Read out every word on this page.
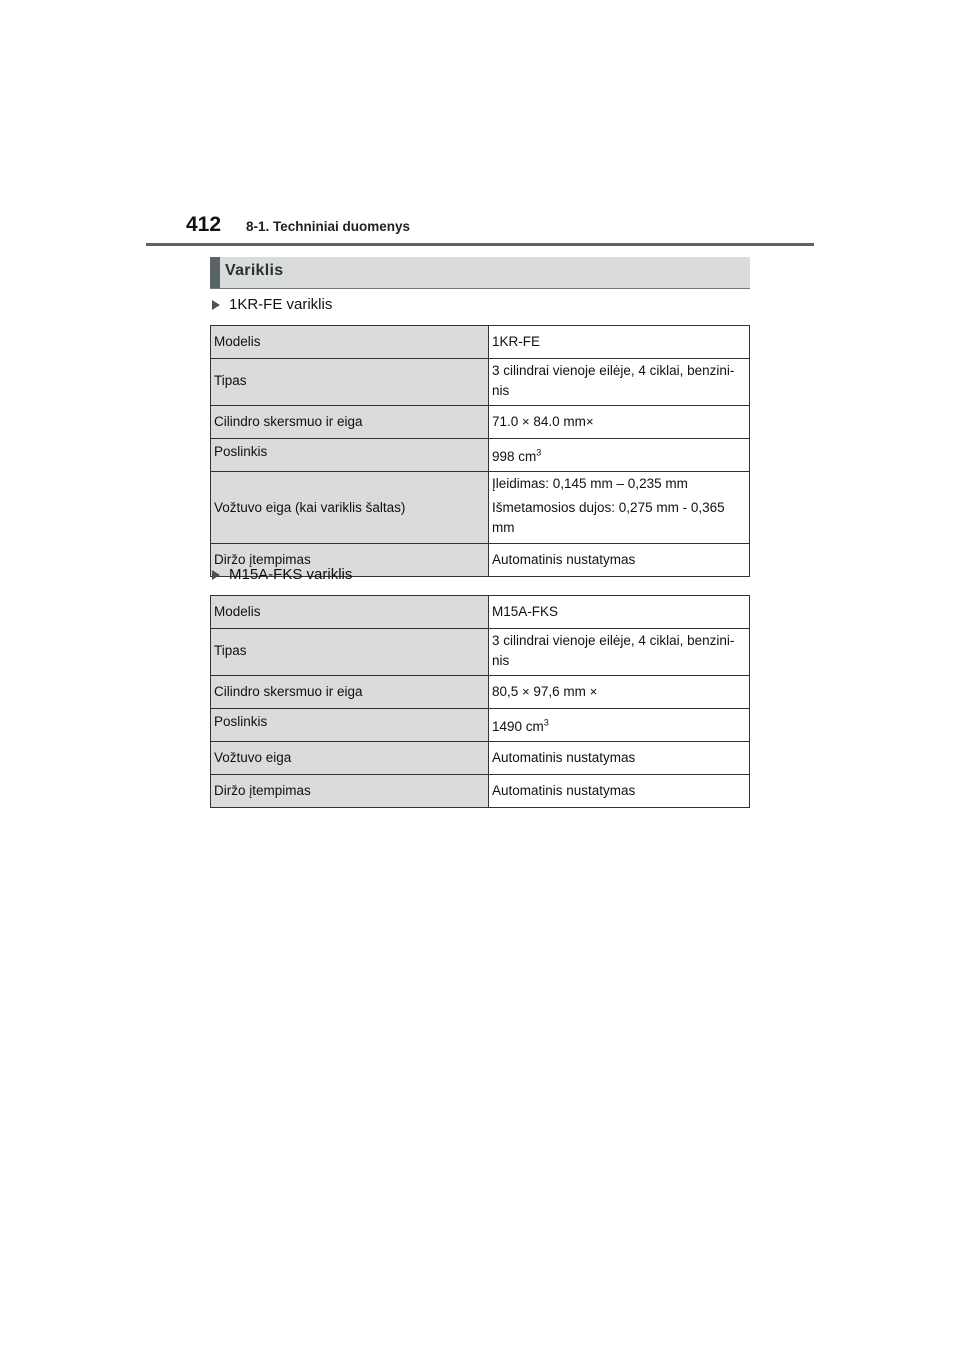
412 8-1. Techniniai duomenys
Variklis
1KR-FE variklis
Modelis	1KR-FE
Tipas	3 cilindrai vienoje eilėje, 4 ciklai, benzini-nis
Cilindro skersmuo ir eiga	71.0 × 84.0 mm×
Poslinkis	998 $cm^3$
Vožtuvo eiga (kai variklis šaltas)	Įleidimas: 0,145 mm – 0,235 mm

Išmetamosios dujos: 0,275 mm - 0,365 mm

Diržo įtempimas	Automatinis nustatymas
M15A-FKS variklis
Modelis	M15A-FKS
Tipas	3 cilindrai vienoje eilėje, 4 ciklai, benzini-nis
Cilindro skersmuo ir eiga	80,5 × 97,6 mm ×
Poslinkis	1490 $cm^3$
Vožtuvo eiga	Automatinis nustatymas
Diržo įtempimas	Automatinis nustatymas
